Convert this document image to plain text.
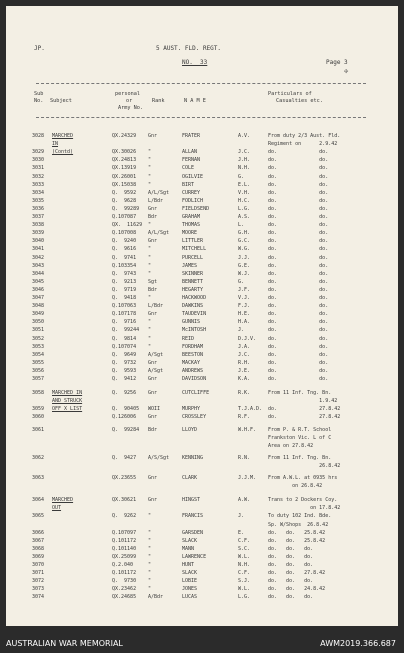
JP.	5 AUST. FLD. REGT.
NO.  33	Page 3
✢
Sub
No. Subject
personal
or
Army No.
Rank	N A M E
Particulars of
Casualties etc.
3028 MARCHED	QX.24329 Gnr	FRATER	A.V.	From duty 2/3 Aust. Fld.
IN	Regiment on      2.9.42
3029 (Contd)	QX.30026 "	ALLAN	J.C.	do.              do.
3030	QX.24813 "	FERNAN	J.H.	do.              do.
3031	QX.13919 "	COLE	N.H.	do.              do.
3032	QX.26001 "	OGILVIE	G.	do.              do.
3033	QX.15038 "	BIRT	E.L.	do.              do.
3034	Q.  9592 A/L/Sgt	CURREY	V.H.	do.              do.
3035	Q.  9628 L/Bdr	FODLICH	H.C.	do.              do.
3036	Q.  99289 Gnr	FIELDSEND	L.G.	do.              do.
3037	Q.107087 Bdr	GRAHAM	A.S.	do.              do.
3038	QX.  11629 "	THOMAS	L.	do.              do.
3039	Q.107008 A/L/Sgt	MOORE	G.H.	do.              do.
3040	Q.  9240 Gnr	LITTLER	G.C.	do.              do.
3041	Q.  9616 "	MITCHELL	W.G.	do.              do.
3042	Q.  9741 "	PURCELL	J.J.	do.              do.
3043	Q.103354 "	JAMES	G.E.	do.              do.
3044	Q.  9743 "	SKINNER	W.J.	do.              do.
3045	Q.  9213 Sgt	BENNETT	G.	do.              do.
3046	Q.  9719 Bdr	HEGARTY	J.F.	do.              do.
3047	Q.  9418 "	HACKWOOD	V.J.	do.              do.
3048	Q.107063 L/Bdr	DAWKINS	F.J.	do.              do.
3049	Q.107178 Gnr	TAUDEVIN	H.E.	do.              do.
3050	Q.  9716 "	GUNNIS	H.A.	do.              do.
3051	Q.  99244 "	McINTOSH	J.	do.              do.
3052	Q.  9814 "	REID	D.J.V. do.              do.
3053	Q.107074 "	FORDHAM	J.A.	do.              do.
3054	Q.  9649 A/Sgt	BEESTON	J.C.	do.              do.
3055	Q.  9732 Gnr	MACKAY	R.H.	do.              do.
3056	Q.  9593 A/Sgt	ANDREWS	J.E.	do.              do.
3057	Q.  9412 Gnr	DAVIDSON	K.A.	do.              do.
3058 MARCHED IN	Q.  9256 Gnr	CUTCLIFFE	R.K.	From 11 Inf. Tng. Bn.
AND STRUCK	1.9.42
3059 OFF X LIST	Q.  90405 WOII	MURPHY	T.J.A.D. do.              27.8.42
3060	Q.126006 Gnr	CROSSLEY	R.F.	do.              27.8.42
3061	Q.  99284 Bdr	LLOYD	W.H.F. From P. & R.T. School
Frankston Vic. L of C
Area on 27.8.42
3062	Q.  9427 A/S/Sgt	KENNING	R.N.	From 11 Inf. Tng. Bn.
26.8.42
3063	QX.23655 Gnr	CLARK	J.J.M. From A.W.L. at 0935 hrs
on 26.8.42
3064 MARCHED	QX.30621 Gnr	HINGST	A.W.	Trans to 2 Dockers Coy.
OUT	on 17.8.42
3065	Q.  9262 "	FRANCIS	J.	To duty 102 Ind. Bde.
Sp. W/Shops  26.8.42
3066	Q.107097 "	GARSDEN	E.	do.   do.   25.8.42
3067	Q.101172 "	SLACK	C.F.	do.   do.   25.8.42
3068	Q.101140 "	MANN	S.C.	do.   do.   do.
3069	QX.25099 "	LAWRENCE	W.L.	do.   do.   do.
3070	Q.2.040	"	HUNT	N.H.	do.   do.   do.
3071	Q.101172 "	SLACK	C.F.	do.   do.   27.8.42
3072	Q.  9730 "	LOBIE	S.J.	do.   do.   do.
3073	QX.23462 "	JONES	W.L.	do.   do.   24.8.42
3074	QX.24685 A/Bdr	LUCAS	L.G.	do.   do.   do.
AUSTRALIAN WAR MEMORIAL	AWM2019.366.687
